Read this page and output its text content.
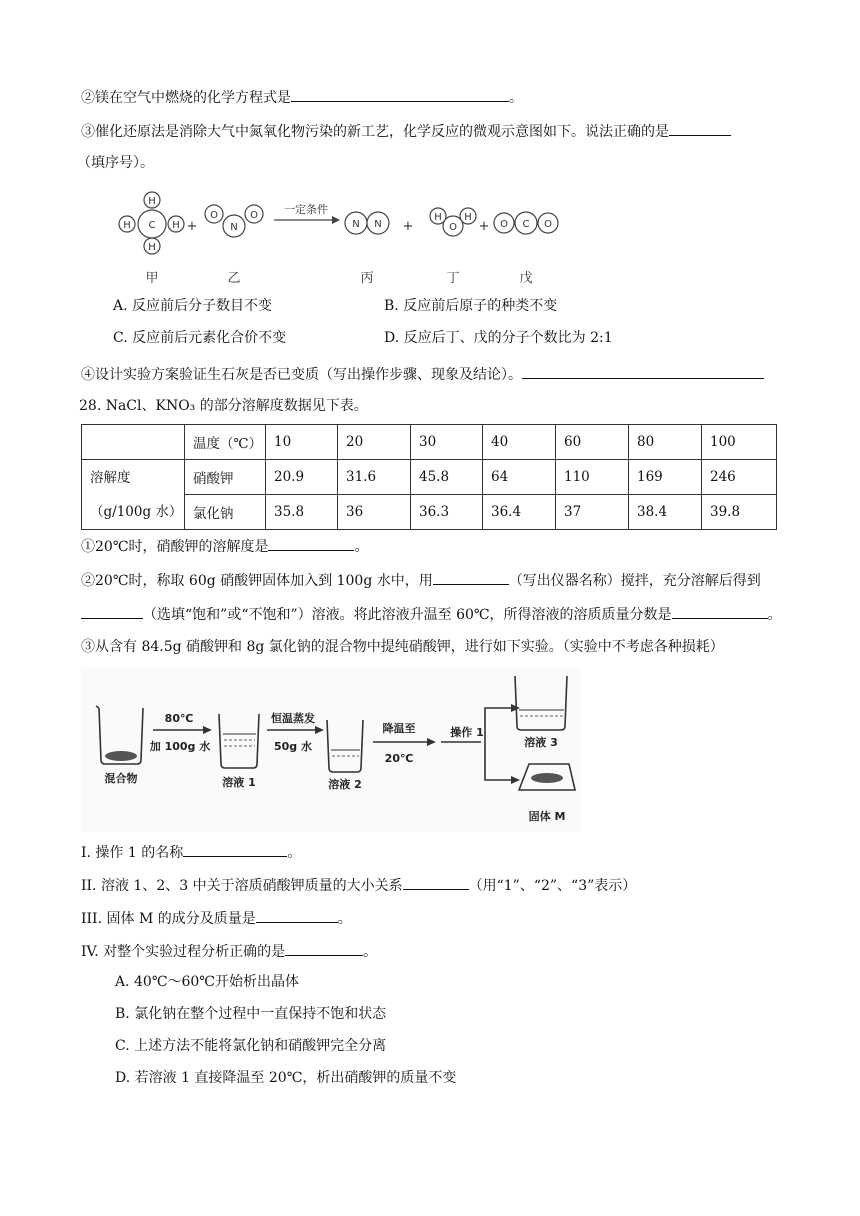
②镁在空气中燃烧的化学方程式是	。
③催化还原法是消除大气中氮氧化物污染的新工艺，化学反应的微观示意图如下。说法正确的是
（填序号）。
C
H
H
H	H +
O	O
N
一定条件
N N +
H H
O + O C O
甲	乙	丙	丁	戊
A. 反应前后分子数目不变	B. 反应前后原子的种类不变
C. 反应前后元素化合价不变	D. 反应后丁、戊的分子个数比为 2:1
④设计实验方案验证生石灰是否已变质（写出操作步骤、现象及结论）。
28. NaCl、KNO₃ 的部分溶解度数据见下表。
	温度（℃）	10	20	30	40	60	80	100

溶解度
（g/100g 水）	硝酸钾	20.9	31.6	45.8	64	110	169	246
	氯化钠	35.8	36	36.3	36.4	37	38.4	39.8
①20℃时，硝酸钾的溶解度是	。
②20℃时，称取 60g 硝酸钾固体加入到 100g 水中，用	（写出仪器名称）搅拌，充分溶解后得到
（选填“饱和”或“不饱和”）溶液。将此溶液升温至 60℃，所得溶液的溶质质量分数是	。
③从含有 84.5g 硝酸钾和 8g 氯化钠的混合物中提纯硝酸钾，进行如下实验。（实验中不考虑各种损耗）
混合物
80℃
加 100g 水
溶液 1
恒温蒸发
50g 水
溶液 2
降温至
20℃
操作 1
溶液 3
固体 M
I. 操作 1 的名称	。
II. 溶液 1、2、3 中关于溶质硝酸钾质量的大小关系	（用“1”、“2”、“3”表示）
III. 固体 M 的成分及质量是	。
IV. 对整个实验过程分析正确的是	。
A. 40℃～60℃开始析出晶体
B. 氯化钠在整个过程中一直保持不饱和状态
C. 上述方法不能将氯化钠和硝酸钾完全分离
D. 若溶液 1 直接降温至 20℃，析出硝酸钾的质量不变
